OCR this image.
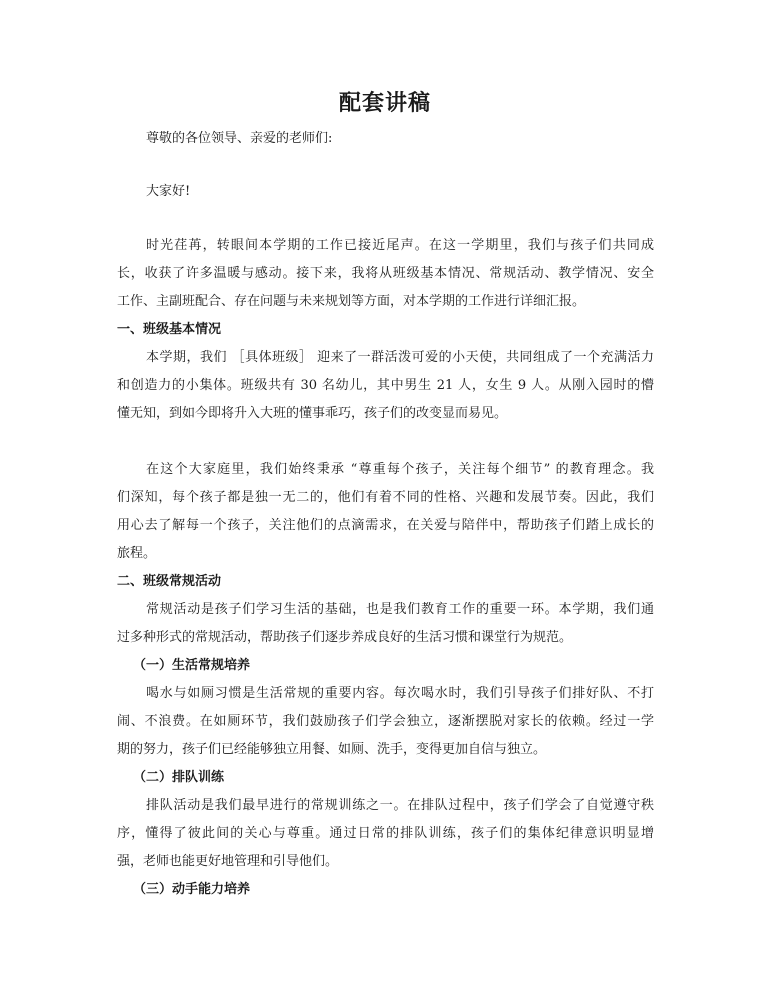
配套讲稿

尊敬的各位领导、亲爱的老师们:

大家好!

时光荏苒，转眼间本学期的工作已接近尾声。在这一学期里，我们与孩子们共同成

长，收获了许多温暖与感动。接下来，我将从班级基本情况、常规活动、教学情况、安全

工作、主副班配合、存在问题与未来规划等方面，对本学期的工作进行详细汇报。

一、班级基本情况

本学期，我们 ［具体班级］ 迎来了一群活泼可爱的小天使，共同组成了一个充满活力

和创造力的小集体。班级共有 30 名幼儿，其中男生 21 人，女生 9 人。从刚入园时的懵

懂无知，到如今即将升入大班的懂事乖巧，孩子们的改变显而易见。

在这个大家庭里，我们始终秉承 “尊重每个孩子，关注每个细节” 的教育理念。我

们深知，每个孩子都是独一无二的，他们有着不同的性格、兴趣和发展节奏。因此，我们

用心去了解每一个孩子，关注他们的点滴需求，在关爱与陪伴中，帮助孩子们踏上成长的

旅程。

二、班级常规活动

常规活动是孩子们学习生活的基础，也是我们教育工作的重要一环。本学期，我们通

过多种形式的常规活动，帮助孩子们逐步养成良好的生活习惯和课堂行为规范。

（一）生活常规培养

喝水与如厕习惯是生活常规的重要内容。每次喝水时，我们引导孩子们排好队、不打

闹、不浪费。在如厕环节，我们鼓励孩子们学会独立，逐渐摆脱对家长的依赖。经过一学

期的努力，孩子们已经能够独立用餐、如厕、洗手，变得更加自信与独立。

（二）排队训练

排队活动是我们最早进行的常规训练之一。在排队过程中，孩子们学会了自觉遵守秩

序，懂得了彼此间的关心与尊重。通过日常的排队训练，孩子们的集体纪律意识明显增

强，老师也能更好地管理和引导他们。

（三）动手能力培养
